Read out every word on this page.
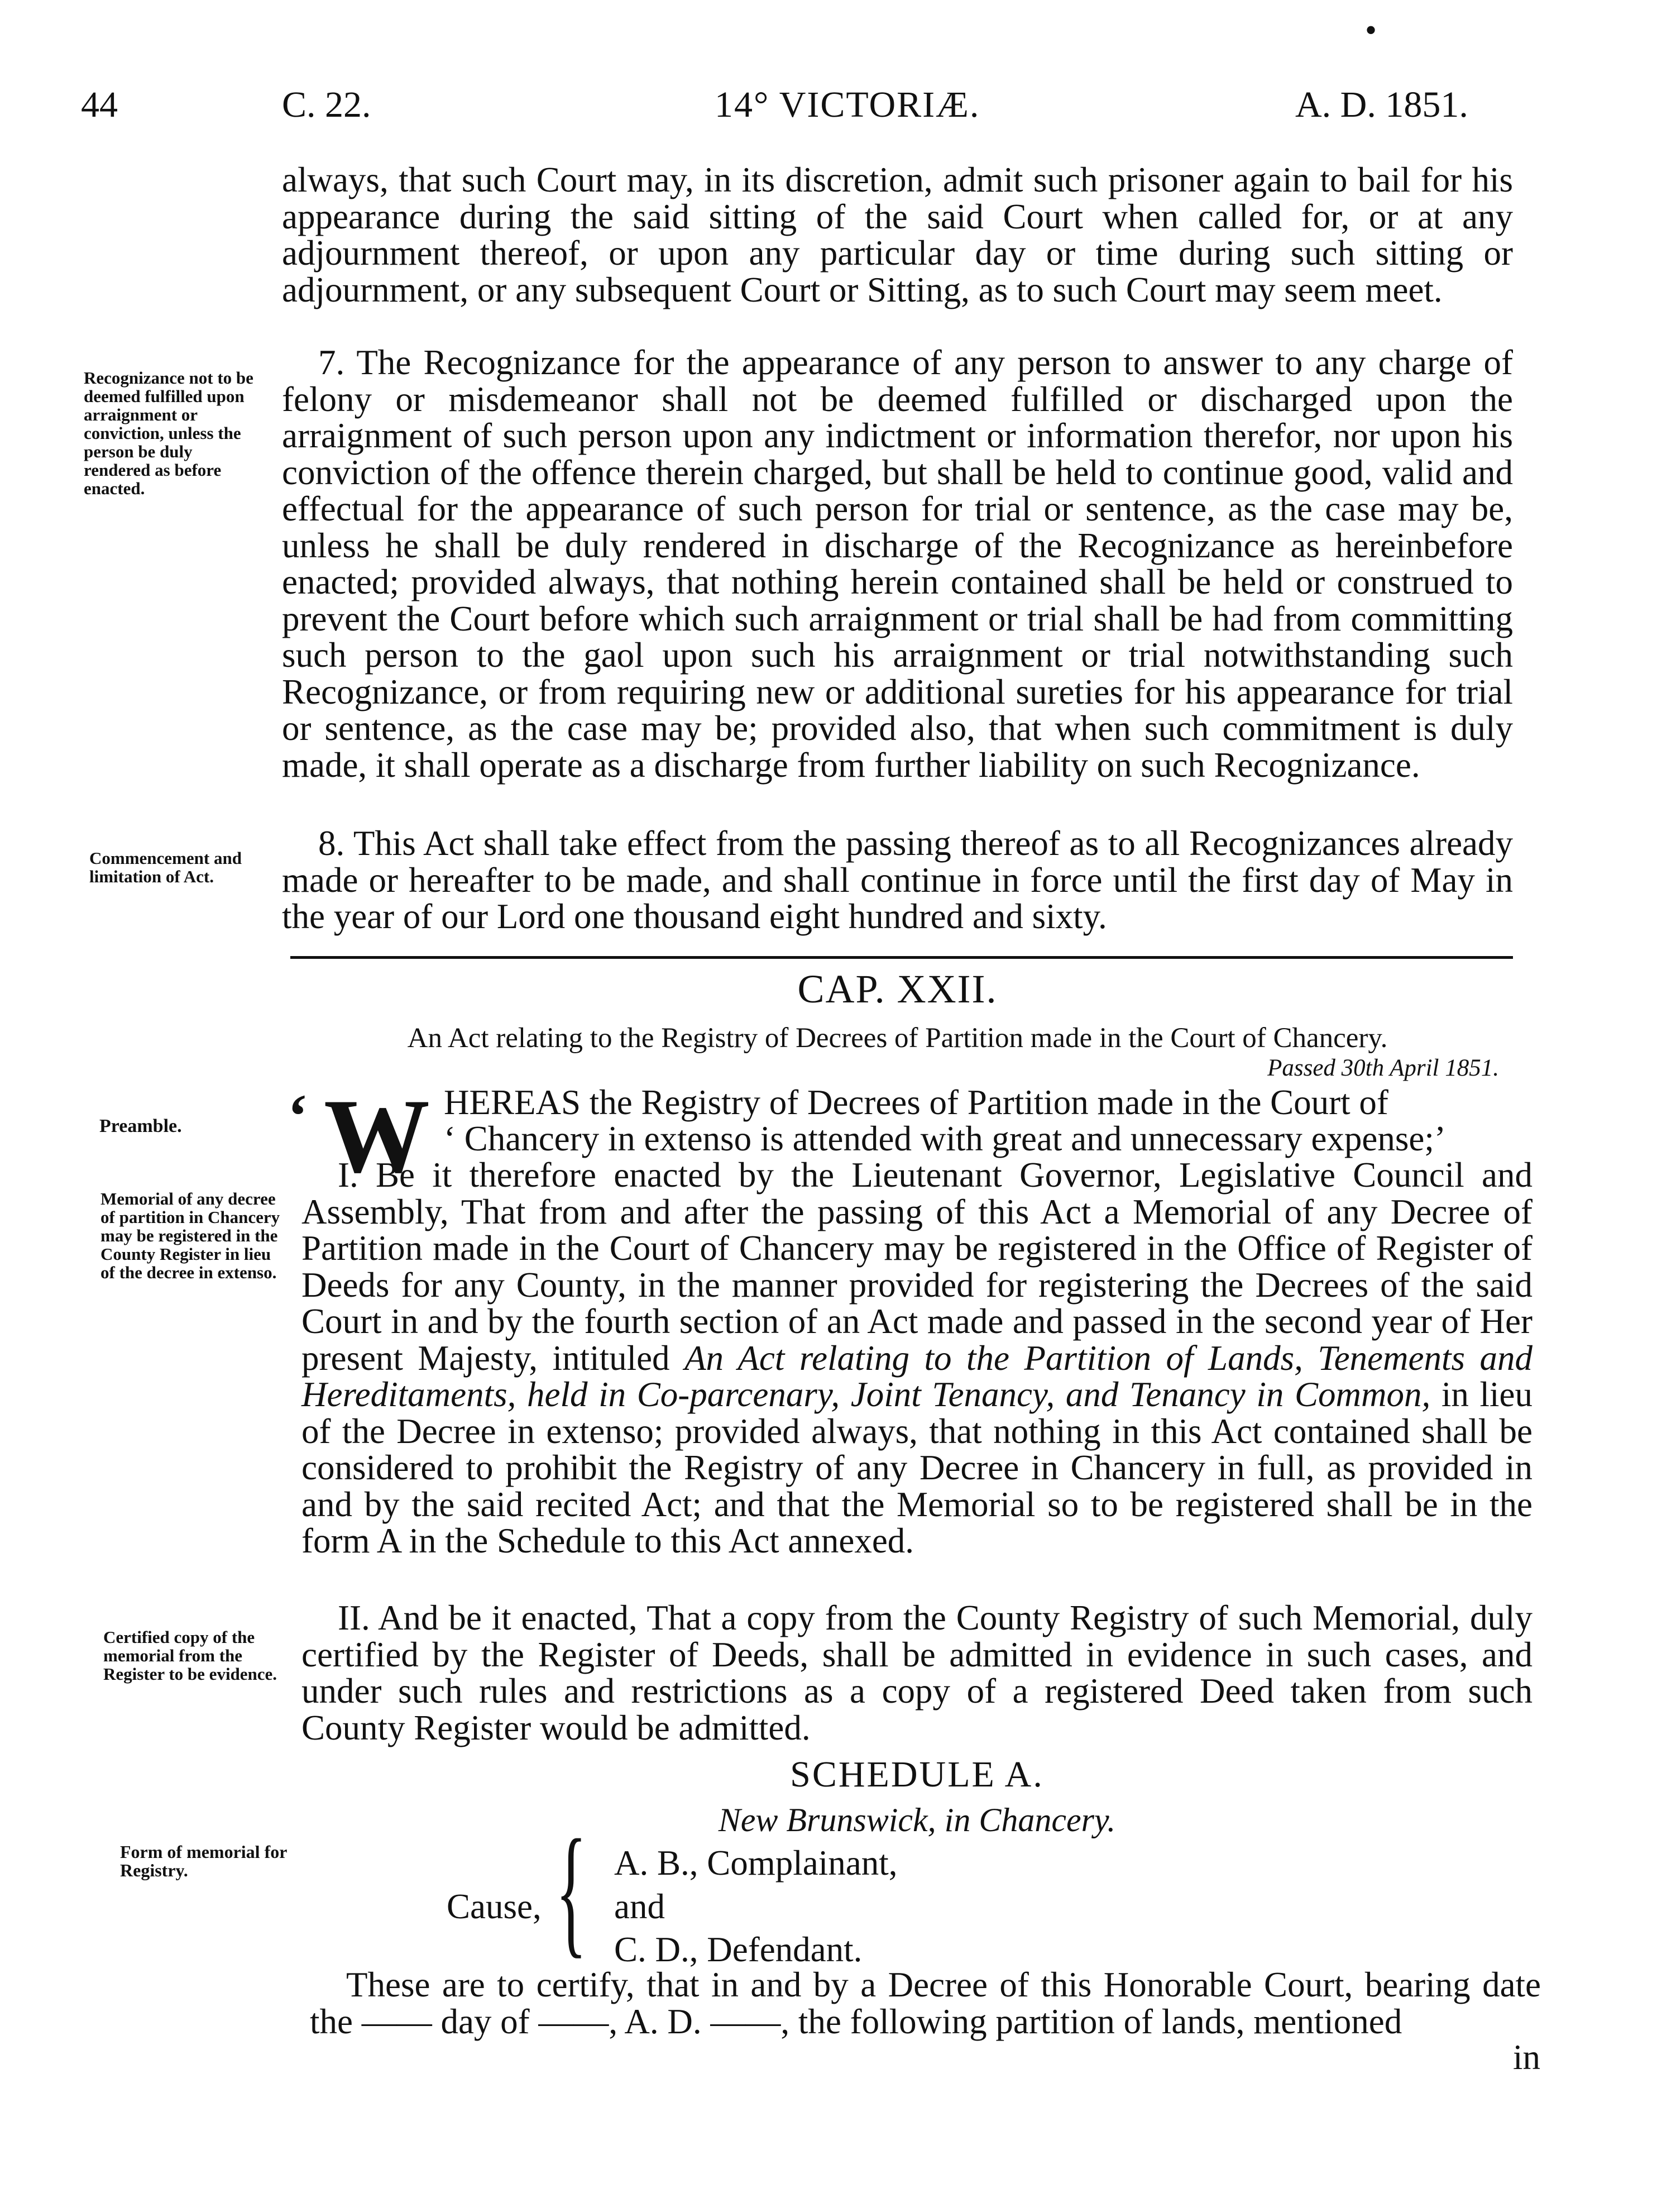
•
44	C. 22.	14° VICTORIÆ.	A. D. 1851.

always, that such Court may, in its discretion, admit such prisoner again to bail for his appearance during the said sitting of the said Court when called for, or at any adjournment thereof, or upon any particular day or time during such sitting or adjournment, or any subsequent Court or Sitting, as to such Court may seem meet.

Recognizance not to be deemed fulfilled upon arraignment or conviction, unless the person be duly rendered as before enacted.

7. The Recognizance for the appearance of any person to answer to any charge of felony or misdemeanor shall not be deemed fulfilled or discharged upon the arraignment of such person upon any indictment or information therefor, nor upon his conviction of the offence therein charged, but shall be held to continue good, valid and effectual for the appearance of such person for trial or sentence, as the case may be, unless he shall be duly rendered in discharge of the Recognizance as hereinbefore enacted; provided always, that nothing herein contained shall be held or construed to prevent the Court before which such arraignment or trial shall be had from committing such person to the gaol upon such his arraignment or trial notwithstanding such Recognizance, or from requiring new or additional sureties for his appearance for trial or sentence, as the case may be; provided also, that when such commitment is duly made, it shall operate as a discharge from further liability on such Recognizance.

Commencement and limitation of Act.

8. This Act shall take effect from the passing thereof as to all Recognizances already made or hereafter to be made, and shall continue in force until the first day of May in the year of our Lord one thousand eight hundred and sixty.

CAP. XXII.
An Act relating to the Registry of Decrees of Partition made in the Court of Chancery.
Passed 30th April 1851.
Preamble.	‘ W HEREAS the Registry of Decrees of Partition made in the Court of
‘ Chancery in extenso is attended with great and unnecessary expense;’
Memorial of any decree of partition in Chancery may be registered in the County Register in lieu of the decree in extenso.

I. Be it therefore enacted by the Lieutenant Governor, Legislative Council and Assembly, That from and after the passing of this Act a Memorial of any Decree of Partition made in the Court of Chancery may be registered in the Office of Register of Deeds for any County, in the manner provided for registering the Decrees of the said Court in and by the fourth section of an Act made and passed in the second year of Her present Majesty, intituled An Act relating to the Partition of Lands, Tenements and Hereditaments, held in Co-parcenary, Joint Tenancy, and Tenancy in Common, in lieu of the Decree in extenso; provided always, that nothing in this Act contained shall be considered to prohibit the Registry of any Decree in Chancery in full, as provided in and by the said recited Act; and that the Memorial so to be registered shall be in the form A in the Schedule to this Act annexed.

Certified copy of the memorial from the Register to be evidence.

II. And be it enacted, That a copy from the County Registry of such Memorial, duly certified by the Register of Deeds, shall be admitted in evidence in such cases, and under such rules and restrictions as a copy of a registered Deed taken from such County Register would be admitted.

SCHEDULE A.
New Brunswick, in Chancery.
Form of memorial for Registry.
Cause, { A. B., Complainant,
and
C. D., Defendant.

These are to certify, that in and by a Decree of this Honorable Court, bearing date the —— day of ——, A. D. ——, the following partition of lands, mentioned

in
